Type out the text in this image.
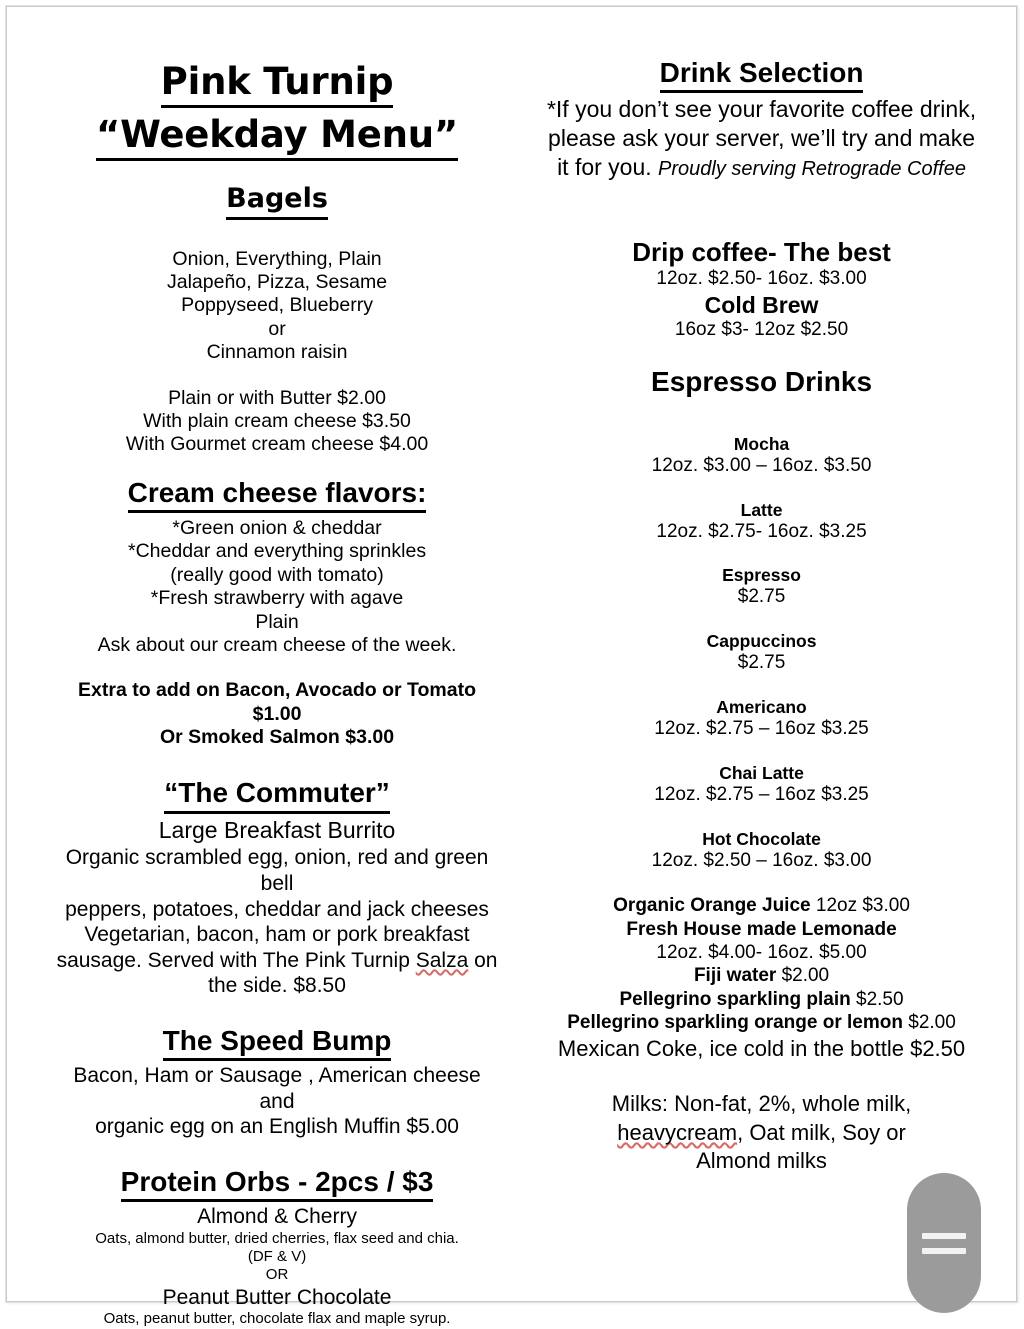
Pink Turnip
“Weekday Menu”
Bagels
Onion, Everything, Plain
Jalapeño, Pizza, Sesame
Poppyseed, Blueberry
or
Cinnamon raisin
Plain or with Butter $2.00
With plain cream cheese $3.50
With Gourmet cream cheese $4.00
Cream cheese flavors:
*Green onion & cheddar
*Cheddar and everything sprinkles
(really good with tomato)
*Fresh strawberry with agave
Plain
Ask about our cream cheese of the week.
Extra to add on Bacon, Avocado or Tomato
$1.00
Or Smoked Salmon $3.00
“The Commuter”
Large Breakfast Burrito
Organic scrambled egg, onion, red and green bell
peppers, potatoes, cheddar and jack cheeses
Vegetarian, bacon, ham or pork breakfast
sausage. Served with The Pink Turnip Salza on
the side. $8.50
The Speed Bump
Bacon, Ham or Sausage , American cheese and
organic egg on an English Muffin $5.00
Protein Orbs - 2pcs / $3
Almond & Cherry
Oats, almond butter, dried cherries, flax seed and chia.
(DF & V)
OR
Peanut Butter Chocolate
Oats, peanut butter, chocolate flax and maple syrup.
Drink Selection
*If you don’t see your favorite coffee drink,
please ask your server, we’ll try and make
it for you. Proudly serving Retrograde Coffee
Drip coffee- The best
12oz. $2.50- 16oz. $3.00
Cold Brew
16oz $3- 12oz $2.50
Espresso Drinks
Mocha
12oz. $3.00 – 16oz. $3.50
Latte
12oz. $2.75- 16oz. $3.25
Espresso
$2.75
Cappuccinos
$2.75
Americano
12oz. $2.75 – 16oz $3.25
Chai Latte
12oz. $2.75 – 16oz $3.25
Hot Chocolate
12oz. $2.50 – 16oz. $3.00
Organic Orange Juice 12oz $3.00
Fresh House made Lemonade
12oz. $4.00- 16oz. $5.00
Fiji water $2.00
Pellegrino sparkling plain $2.50
Pellegrino sparkling orange or lemon $2.00
Mexican Coke, ice cold in the bottle $2.50
Milks: Non-fat, 2%, whole milk,
heavycream, Oat milk, Soy or
Almond milks
